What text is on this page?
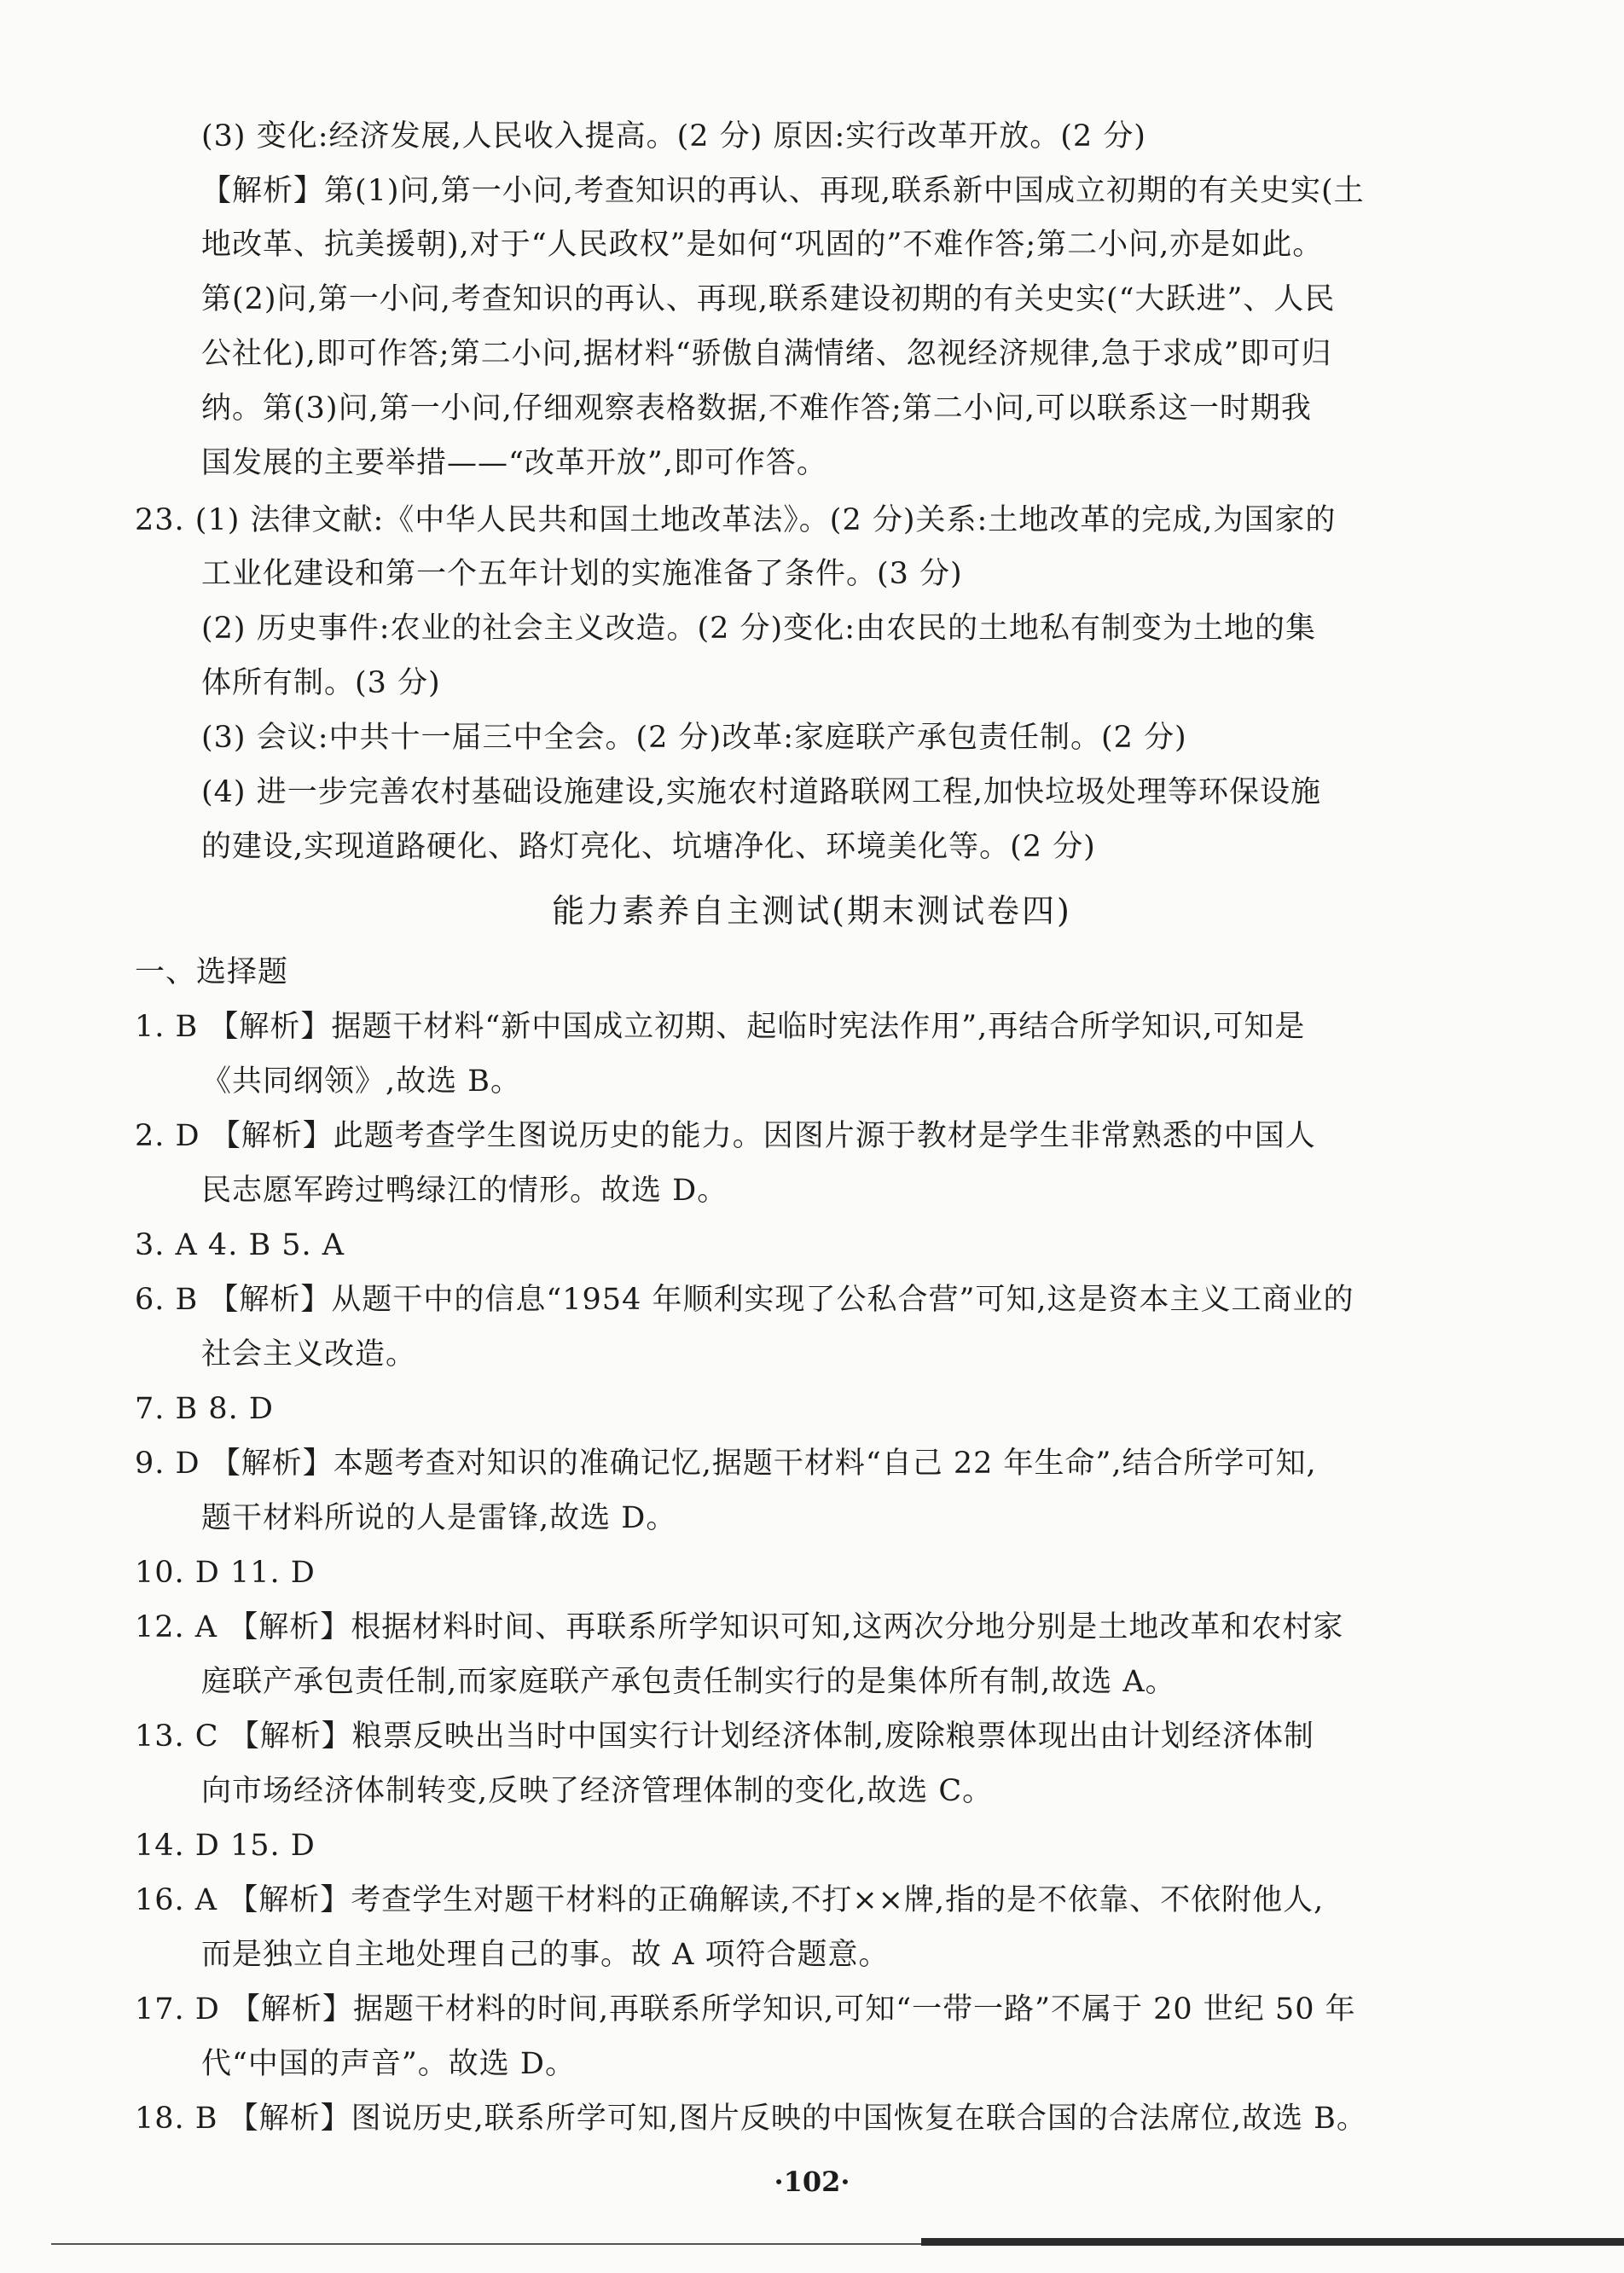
(3) 变化:经济发展,人民收入提高。(2 分) 原因:实行改革开放。(2 分)
【解析】第(1)问,第一小问,考查知识的再认、再现,联系新中国成立初期的有关史实(土
地改革、抗美援朝),对于“人民政权”是如何“巩固的”不难作答;第二小问,亦是如此。
第(2)问,第一小问,考查知识的再认、再现,联系建设初期的有关史实(“大跃进”、人民
公社化),即可作答;第二小问,据材料“骄傲自满情绪、忽视经济规律,急于求成”即可归
纳。第(3)问,第一小问,仔细观察表格数据,不难作答;第二小问,可以联系这一时期我
国发展的主要举措——“改革开放”,即可作答。
23. (1) 法律文献:《中华人民共和国土地改革法》。(2 分)关系:土地改革的完成,为国家的
工业化建设和第一个五年计划的实施准备了条件。(3 分)
(2) 历史事件:农业的社会主义改造。(2 分)变化:由农民的土地私有制变为土地的集
体所有制。(3 分)
(3) 会议:中共十一届三中全会。(2 分)改革:家庭联产承包责任制。(2 分)
(4) 进一步完善农村基础设施建设,实施农村道路联网工程,加快垃圾处理等环保设施
的建设,实现道路硬化、路灯亮化、坑塘净化、环境美化等。(2 分)
能力素养自主测试(期末测试卷四)
一、选择题
1. B 【解析】据题干材料“新中国成立初期、起临时宪法作用”,再结合所学知识,可知是
《共同纲领》,故选 B。
2. D 【解析】此题考查学生图说历史的能力。因图片源于教材是学生非常熟悉的中国人
民志愿军跨过鸭绿江的情形。故选 D。
3. A 4. B 5. A
6. B 【解析】从题干中的信息“1954 年顺利实现了公私合营”可知,这是资本主义工商业的
社会主义改造。
7. B 8. D
9. D 【解析】本题考查对知识的准确记忆,据题干材料“自己 22 年生命”,结合所学可知,
题干材料所说的人是雷锋,故选 D。
10. D 11. D
12. A 【解析】根据材料时间、再联系所学知识可知,这两次分地分别是土地改革和农村家
庭联产承包责任制,而家庭联产承包责任制实行的是集体所有制,故选 A。
13. C 【解析】粮票反映出当时中国实行计划经济体制,废除粮票体现出由计划经济体制
向市场经济体制转变,反映了经济管理体制的变化,故选 C。
14. D 15. D
16. A 【解析】考查学生对题干材料的正确解读,不打××牌,指的是不依靠、不依附他人,
而是独立自主地处理自己的事。故 A 项符合题意。
17. D 【解析】据题干材料的时间,再联系所学知识,可知“一带一路”不属于 20 世纪 50 年
代“中国的声音”。故选 D。
18. B 【解析】图说历史,联系所学可知,图片反映的中国恢复在联合国的合法席位,故选 B。
·102·
